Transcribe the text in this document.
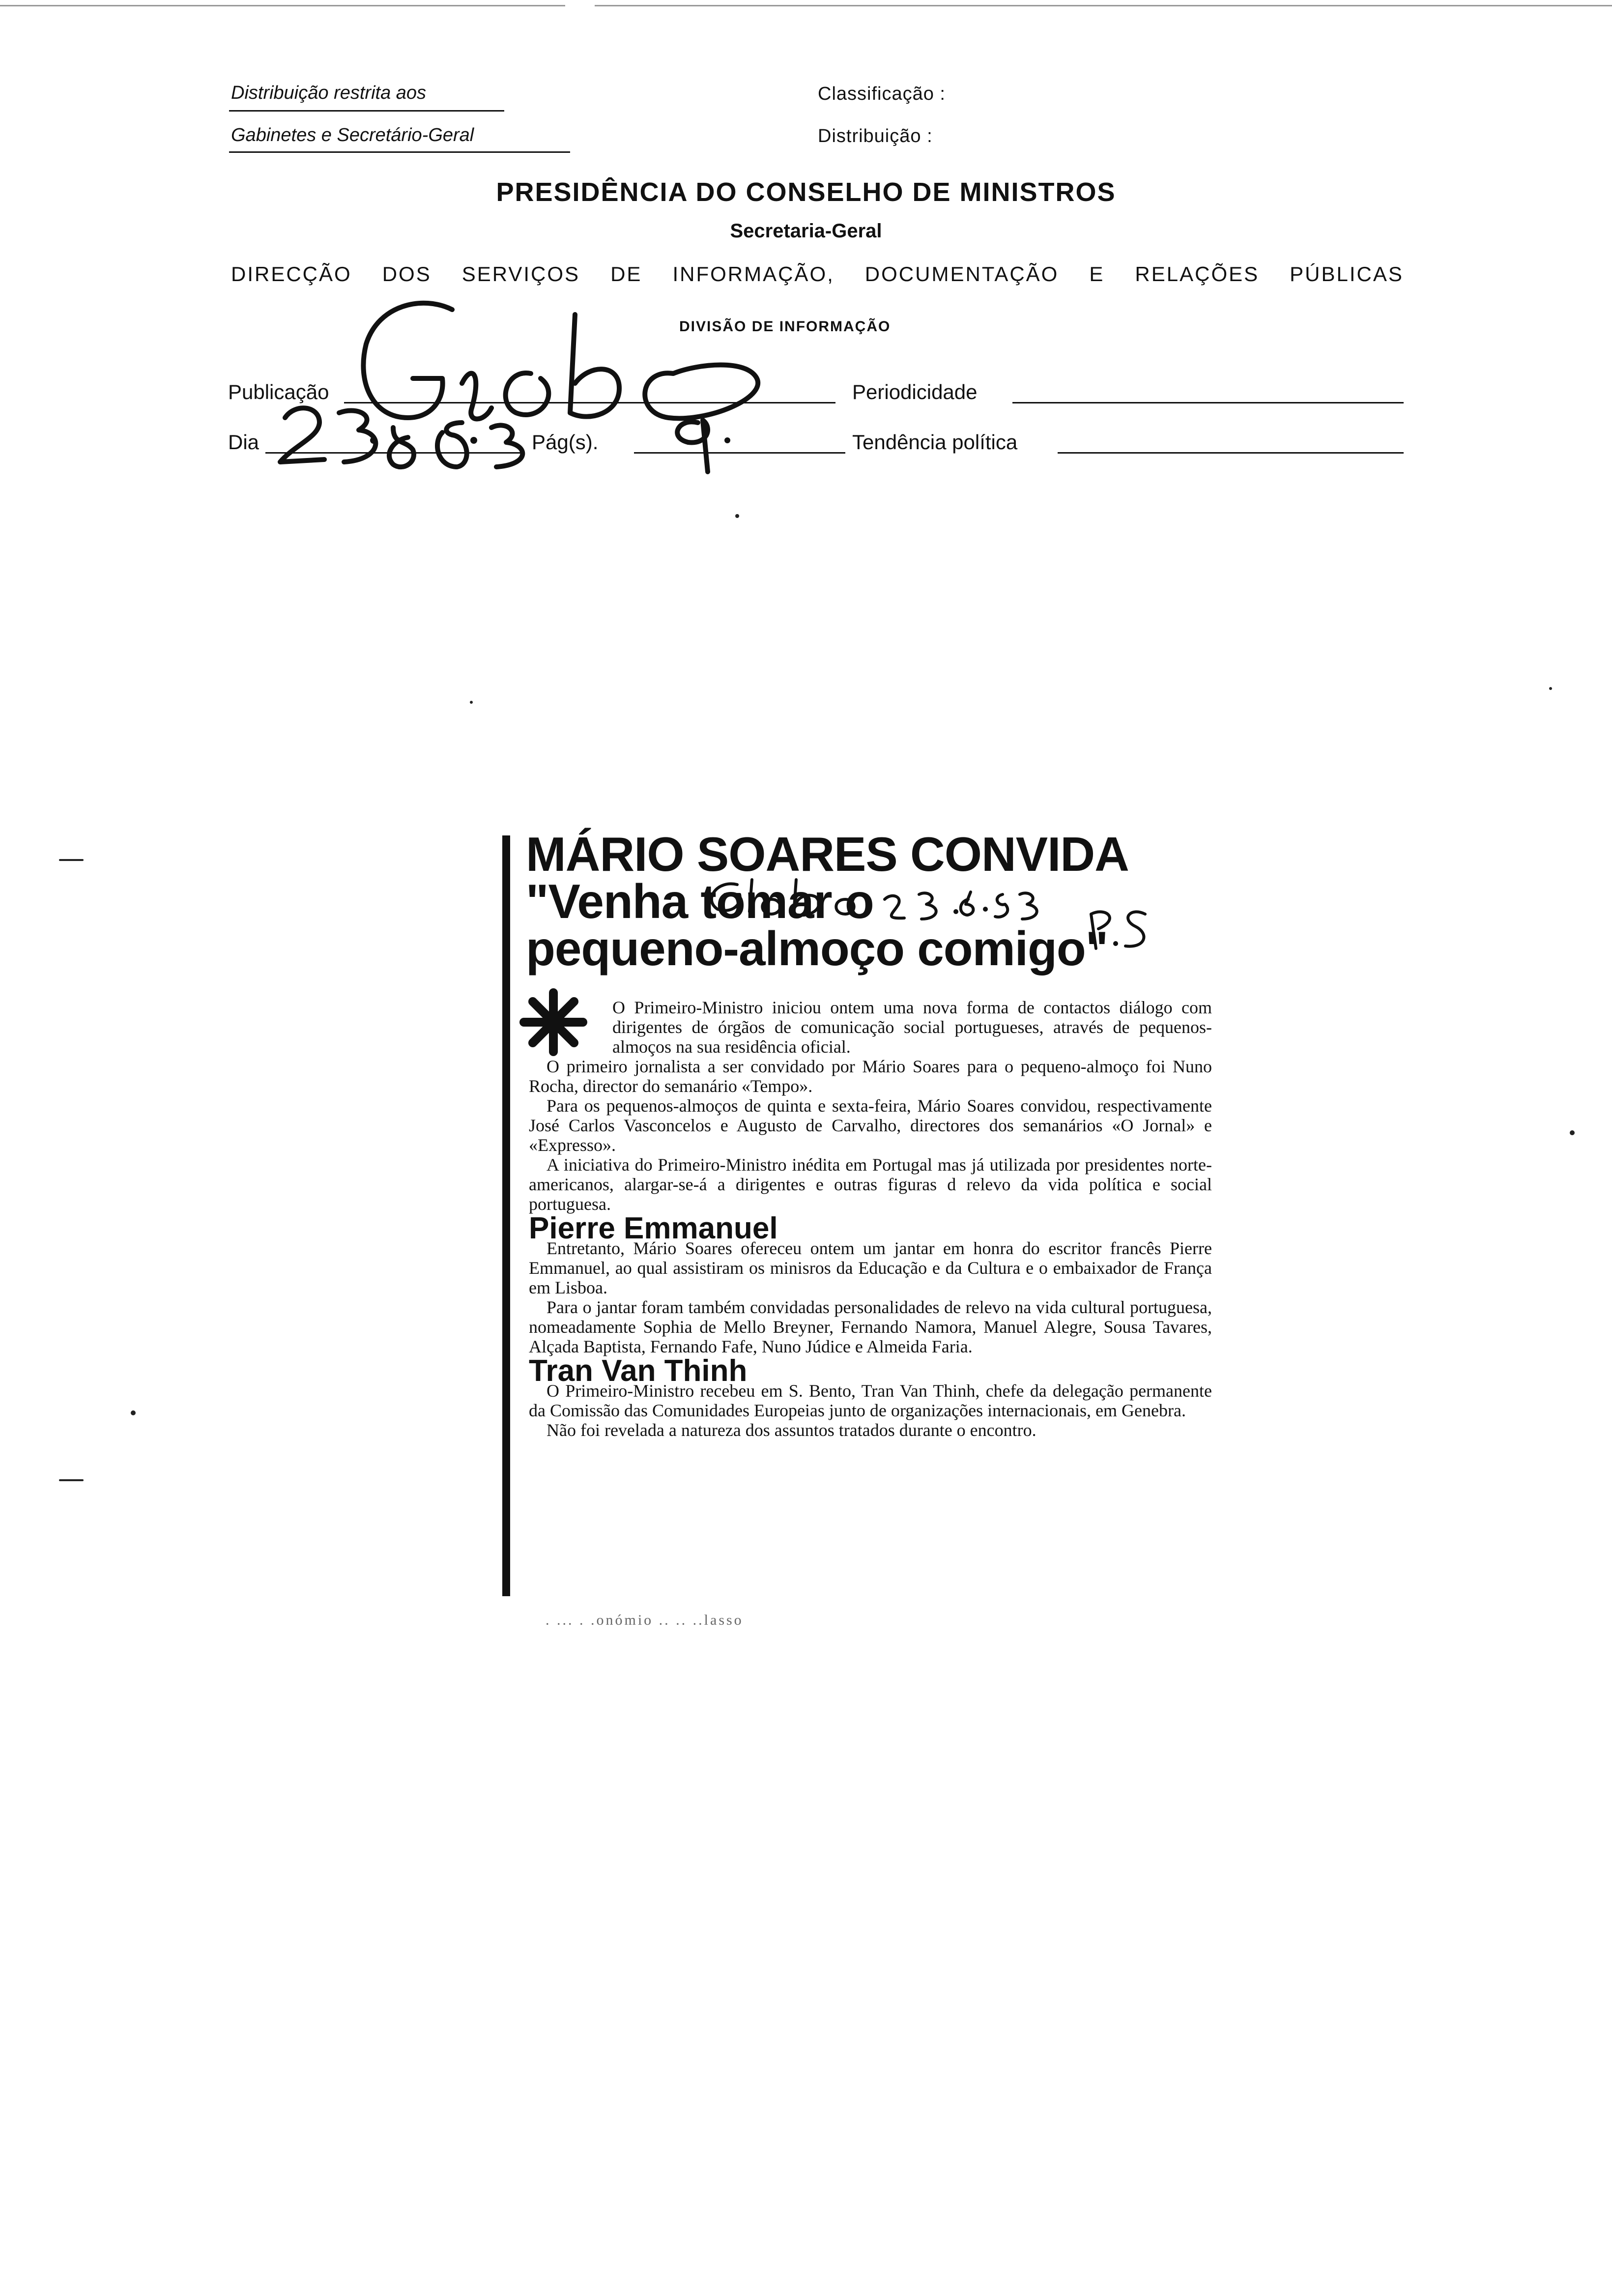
Distribuição restrita aos
Gabinetes e Secretário-Geral
Classificação :
Distribuição :
PRESIDÊNCIA DO CONSELHO DE MINISTROS
Secretaria-Geral
DIRECÇÃO DOS SERVIÇOS DE INFORMAÇÃO, DOCUMENTAÇÃO E RELAÇÕES PÚBLICAS
DIVISÃO DE INFORMAÇÃO
Publicação	Periodicidade
Dia	Pág(s).	Tendência política
MÁRIO SOARES CONVIDA
"Venha tomar o
pequeno-almoço comigo"

O Primeiro-Ministro iniciou ontem uma nova forma de contactos diálogo com dirigentes de órgãos de comunicação social portugueses, através de pequenos-almoços na sua residência oficial.

O primeiro jornalista a ser convidado por Mário Soares para o pequeno-almoço foi Nuno Rocha, director do semanário «Tempo».

Para os pequenos-almoços de quinta e sexta-feira, Mário Soares convidou, respectivamente José Carlos Vasconcelos e Augusto de Carvalho, directores dos semanários «O Jornal» e «Expresso».

A iniciativa do Primeiro-Ministro inédita em Portugal mas já utilizada por presidentes norte-americanos, alargar-se-á a dirigentes e outras figuras d relevo da vida política e social portuguesa.

Pierre Emmanuel

Entretanto, Mário Soares ofereceu ontem um jantar em honra do escritor francês Pierre Emmanuel, ao qual assistiram os minisros da Educação e da Cultura e o embaixador de França em Lisboa.

Para o jantar foram também convidadas personalidades de relevo na vida cultural portuguesa, nomeadamente Sophia de Mello Breyner, Fernando Namora, Manuel Alegre, Sousa Tavares, Alçada Baptista, Fernando Fafe, Nuno Júdice e Almeida Faria.

Tran Van Thinh

O Primeiro-Ministro recebeu em S. Bento, Tran Van Thinh, chefe da delegação permanente da Comissão das Comunidades Europeias junto de organizações internacionais, em Genebra.

Não foi revelada a natureza dos assuntos tratados durante o encontro.

. ... . .onómio .. .. ..lasso
